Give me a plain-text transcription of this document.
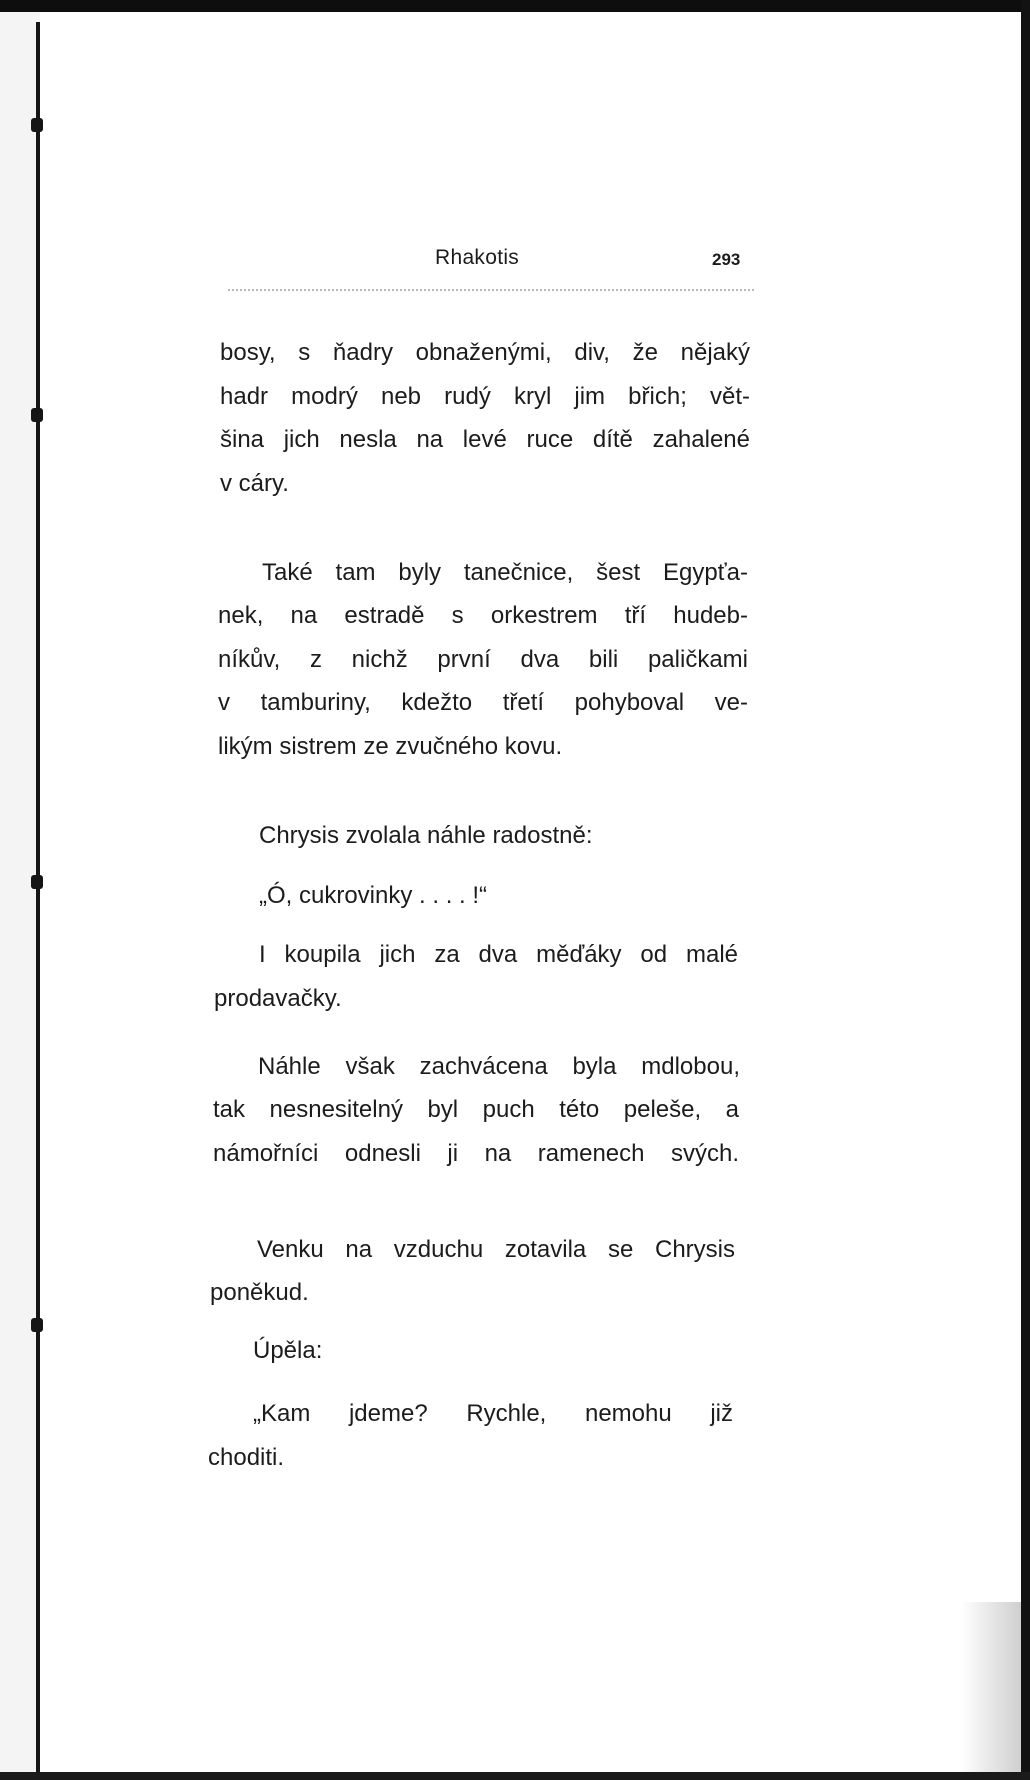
Rhakotis	293

bosy, s ňadry obnaženými, div, že nějaký

hadr modrý neb rudý kryl jim břich; vět-

šina jich nesla na levé ruce dítě zahalené

v cáry.

Také tam byly tanečnice, šest Egypťa-

nek, na estradě s orkestrem tří hudeb-

níkův, z nichž první dva bili paličkami

v tamburiny, kdežto třetí pohyboval ve-

likým sistrem ze zvučného kovu.

Chrysis zvolala náhle radostně:

„Ó, cukrovinky . . . . !“

I koupila jich za dva měďáky od malé

prodavačky.

Náhle však zachvácena byla mdlobou,

tak nesnesitelný byl puch této peleše, a

námořníci odnesli ji na ramenech svých.

Venku na vzduchu zotavila se Chrysis

poněkud.

Úpěla:

„Kam jdeme? Rychle, nemohu již

choditi.
